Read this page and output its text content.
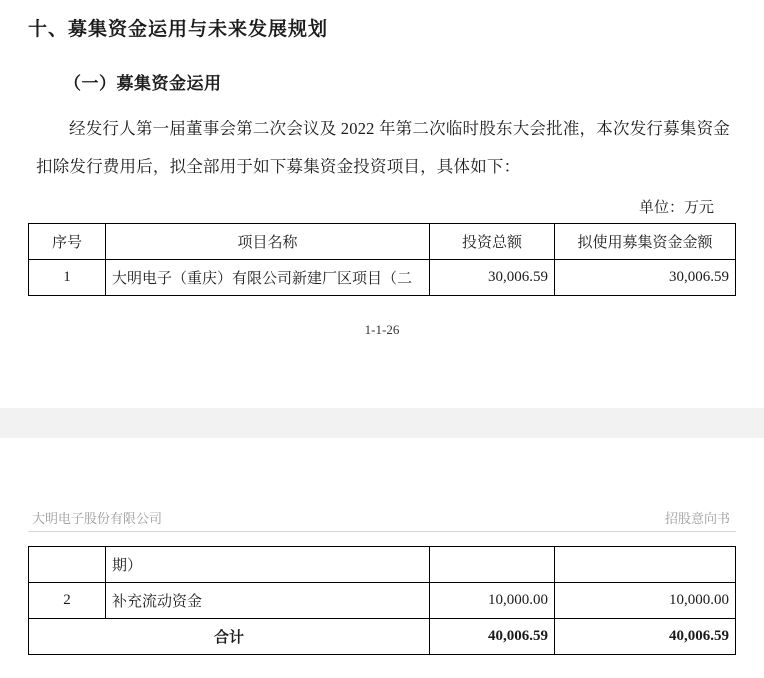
十、募集资金运用与未来发展规划
（一）募集资金运用

经发行人第一届董事会第二次会议及 2022 年第二次临时股东大会批准，本次发行募集资金扣除发行费用后，拟全部用于如下募集资金投资项目，具体如下：

单位：万元
序号	项目名称	投资总额	拟使用募集资金金额
1	大明电子（重庆）有限公司新建厂区项目（二	30,006.59	30,006.59
1-1-26
大明电子股份有限公司	招股意向书
	期）		
2	补充流动资金	10,000.00	10,000.00
合计		40,006.59	40,006.59
